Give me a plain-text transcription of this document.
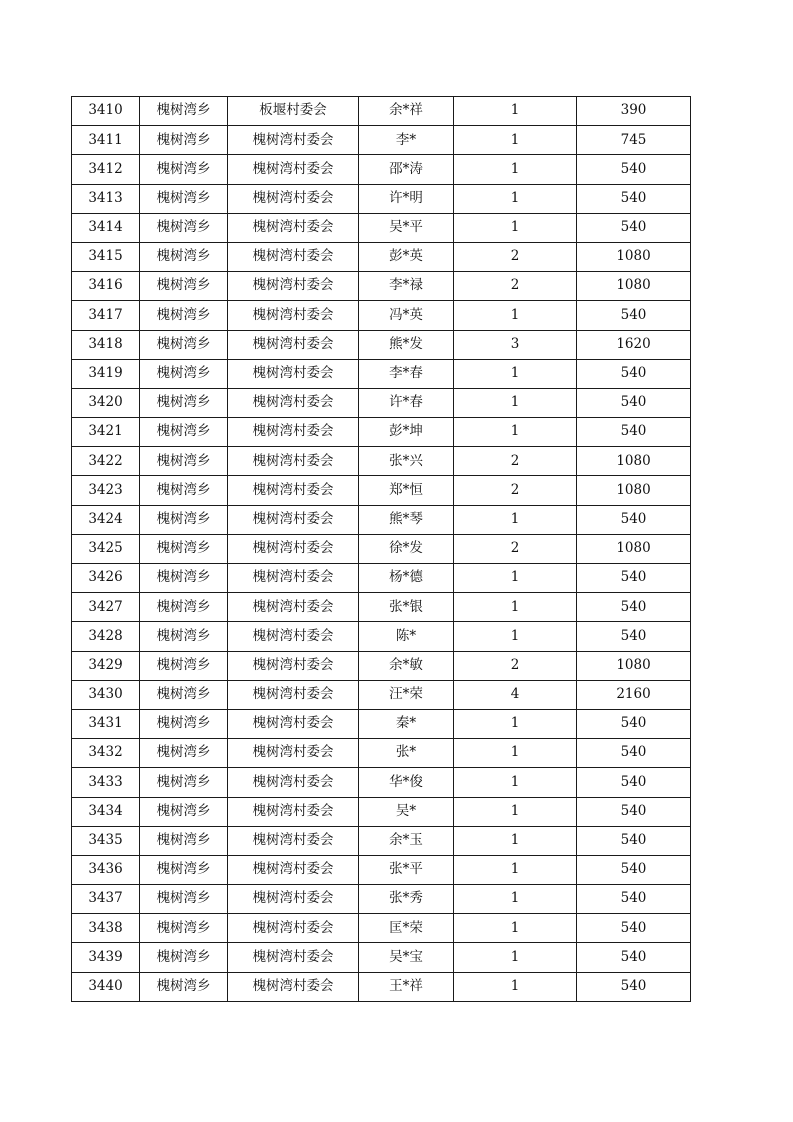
3410	槐树湾乡	板堰村委会	余*祥	1	390
3411	槐树湾乡	槐树湾村委会	李*	1	745
3412	槐树湾乡	槐树湾村委会	邵*涛	1	540
3413	槐树湾乡	槐树湾村委会	许*明	1	540
3414	槐树湾乡	槐树湾村委会	吴*平	1	540
3415	槐树湾乡	槐树湾村委会	彭*英	2	1080
3416	槐树湾乡	槐树湾村委会	李*禄	2	1080
3417	槐树湾乡	槐树湾村委会	冯*英	1	540
3418	槐树湾乡	槐树湾村委会	熊*发	3	1620
3419	槐树湾乡	槐树湾村委会	李*春	1	540
3420	槐树湾乡	槐树湾村委会	许*春	1	540
3421	槐树湾乡	槐树湾村委会	彭*坤	1	540
3422	槐树湾乡	槐树湾村委会	张*兴	2	1080
3423	槐树湾乡	槐树湾村委会	郑*恒	2	1080
3424	槐树湾乡	槐树湾村委会	熊*琴	1	540
3425	槐树湾乡	槐树湾村委会	徐*发	2	1080
3426	槐树湾乡	槐树湾村委会	杨*德	1	540
3427	槐树湾乡	槐树湾村委会	张*银	1	540
3428	槐树湾乡	槐树湾村委会	陈*	1	540
3429	槐树湾乡	槐树湾村委会	余*敏	2	1080
3430	槐树湾乡	槐树湾村委会	汪*荣	4	2160
3431	槐树湾乡	槐树湾村委会	秦*	1	540
3432	槐树湾乡	槐树湾村委会	张*	1	540
3433	槐树湾乡	槐树湾村委会	华*俊	1	540
3434	槐树湾乡	槐树湾村委会	吴*	1	540
3435	槐树湾乡	槐树湾村委会	余*玉	1	540
3436	槐树湾乡	槐树湾村委会	张*平	1	540
3437	槐树湾乡	槐树湾村委会	张*秀	1	540
3438	槐树湾乡	槐树湾村委会	匡*荣	1	540
3439	槐树湾乡	槐树湾村委会	吴*宝	1	540
3440	槐树湾乡	槐树湾村委会	王*祥	1	540
